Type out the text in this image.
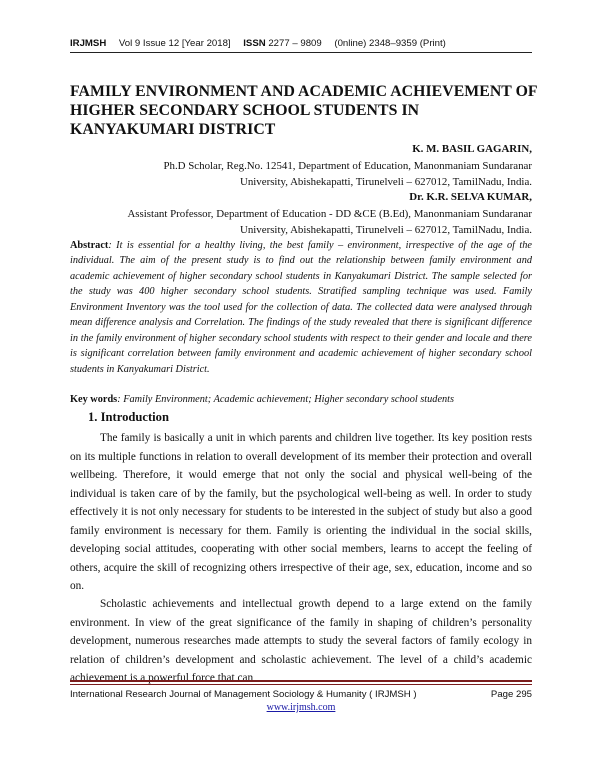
IRJMSH Vol 9 Issue 12 [Year 2018] ISSN 2277 – 9809 (0nline) 2348–9359 (Print)
FAMILY ENVIRONMENT AND ACADEMIC ACHIEVEMENT OF HIGHER SECONDARY SCHOOL STUDENTS IN KANYAKUMARI DISTRICT
K. M. BASIL GAGARIN,
Ph.D Scholar, Reg.No. 12541, Department of Education, Manonmaniam Sundaranar
University, Abishekapatti, Tirunelveli – 627012, TamilNadu, India.
Dr. K.R. SELVA KUMAR,
Assistant Professor, Department of Education - DD &CE (B.Ed), Manonmaniam Sundaranar
University, Abishekapatti, Tirunelveli – 627012, TamilNadu, India.
Abstract: It is essential for a healthy living, the best family – environment, irrespective of the age of the individual. The aim of the present study is to find out the relationship between family environment and academic achievement of higher secondary school students in Kanyakumari District. The sample selected for the study was 400 higher secondary school students. Stratified sampling technique was used. Family Environment Inventory was the tool used for the collection of data. The collected data were analysed through mean difference analysis and Correlation. The findings of the study revealed that there is significant difference in the family environment of higher secondary school students with respect to their gender and locale and there is significant correlation between family environment and academic achievement of higher secondary school students in Kanyakumari District.
Key words: Family Environment; Academic achievement; Higher secondary school students
1. Introduction
The family is basically a unit in which parents and children live together. Its key position rests on its multiple functions in relation to overall development of its member their protection and overall wellbeing. Therefore, it would emerge that not only the social and physical well-being of the individual is taken care of by the family, but the psychological well-being as well. In order to study effectively it is not only necessary for students to be interested in the subject of study but also a good family environment is necessary for them. Family is orienting the individual in the social skills, developing social attitudes, cooperating with other social members, learns to accept the feeling of others, acquire the skill of recognizing others irrespective of their age, sex, education, income and so on.
Scholastic achievements and intellectual growth depend to a large extend on the family environment. In view of the great significance of the family in shaping of children’s personality development, numerous researches made attempts to study the several factors of family ecology in relation of children’s development and scholastic achievement. The level of a child’s academic achievement is a powerful force that can
International Research Journal of Management Sociology & Humanity ( IRJMSH )	Page 295
www.irjmsh.com
